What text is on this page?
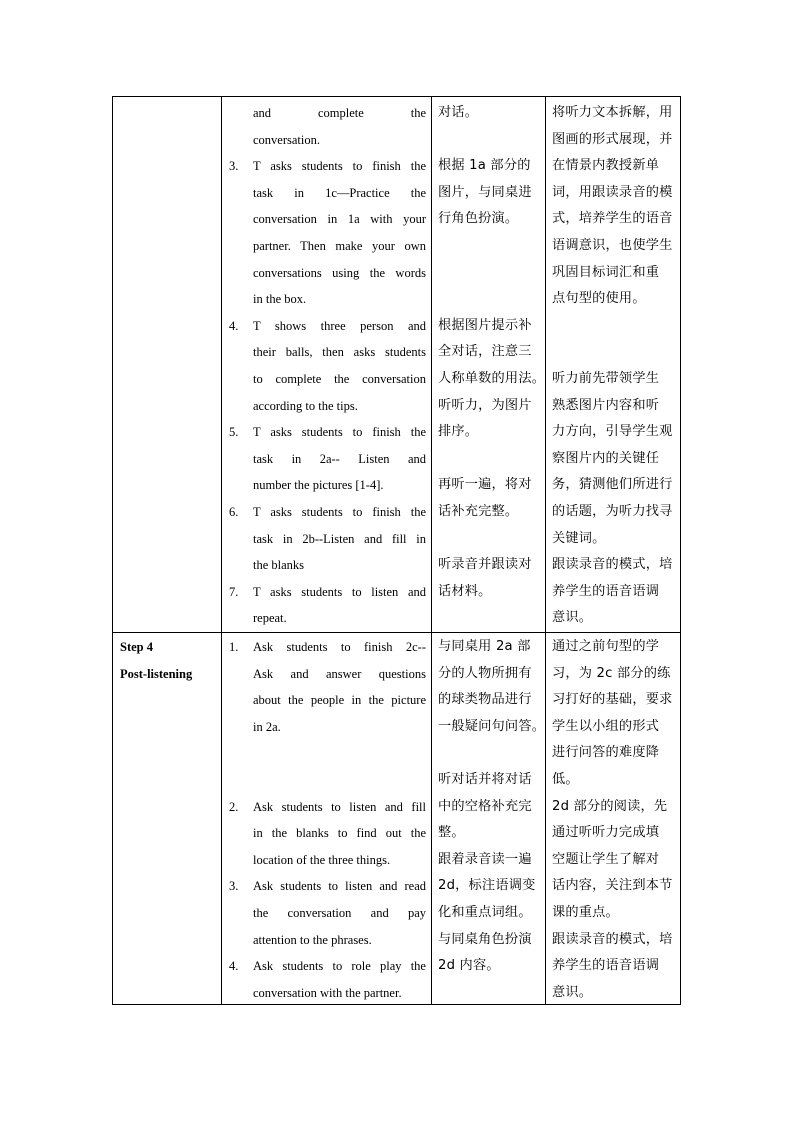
and complete the
conversation.
3. T asks students to finish the
task in 1c—Practice the
conversation in 1a with your
partner. Then make your own
conversations using the words
in the box.
4. T shows three person and
their balls, then asks students
to complete the conversation
according to the tips.
5. T asks students to finish the
task in 2a-- Listen and
number the pictures [1-4].
6. T asks students to finish the
task in 2b--Listen and fill in
the blanks
7. T asks students to listen and
repeat.
对话。
根据 1a 部分的
图片，与同桌进
行角色扮演。
根据图片提示补
全对话，注意三
人称单数的用法。
听听力，为图片
排序。
再听一遍，将对
话补充完整。
听录音并跟读对
话材料。
将听力文本拆解，用
图画的形式展现，并
在情景内教授新单
词，用跟读录音的模
式，培养学生的语音
语调意识，也使学生
巩固目标词汇和重
点句型的使用。
听力前先带领学生
熟悉图片内容和听
力方向，引导学生观
察图片内的关键任
务，猜测他们所进行
的话题，为听力找寻
关键词。
跟读录音的模式，培
养学生的语音语调
意识。
Step 4
Post-listening
1. Ask students to finish 2c--
Ask and answer questions
about the people in the picture
in 2a.
2. Ask students to listen and fill
in the blanks to find out the
location of the three things.
3. Ask students to listen and read
the conversation and pay
attention to the phrases.
4. Ask students to role play the
conversation with the partner.
与同桌用 2a 部
分的人物所拥有
的球类物品进行
一般疑问句问答。
听对话并将对话
中的空格补充完
整。
跟着录音读一遍
2d，标注语调变
化和重点词组。
与同桌角色扮演
2d 内容。
通过之前句型的学
习，为 2c 部分的练
习打好的基础，要求
学生以小组的形式
进行问答的难度降
低。
2d 部分的阅读，先
通过听听力完成填
空题让学生了解对
话内容，关注到本节
课的重点。
跟读录音的模式，培
养学生的语音语调
意识。
